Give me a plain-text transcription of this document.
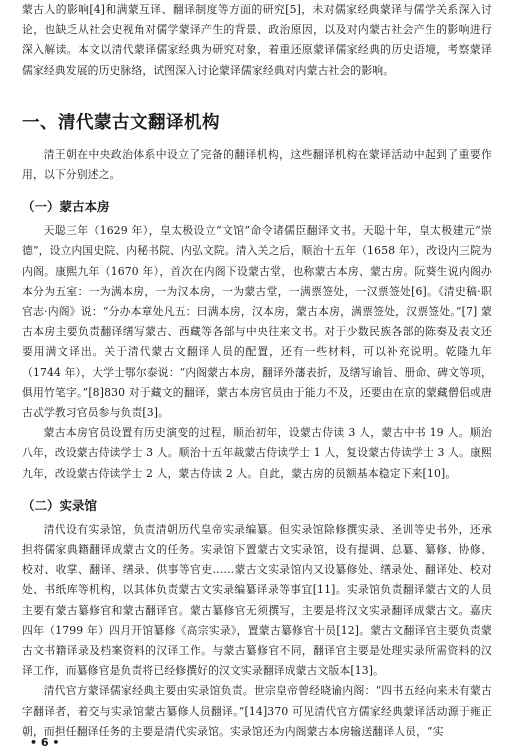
蒙古人的影响[4]和满蒙互译、翻译制度等方面的研究[5]，未对儒家经典蒙译与儒学关系深入讨论，也缺乏从社会史视角对儒学蒙译产生的背景、政治原因，以及对内蒙古社会产生的影响进行深入解读。本文以清代蒙译儒家经典为研究对象，着重还原蒙译儒家经典的历史语境，考察蒙译儒家经典发展的历史脉络，试图深入讨论蒙译儒家经典对内蒙古社会的影响。

一、清代蒙古文翻译机构

清王朝在中央政治体系中设立了完备的翻译机构，这些翻译机构在蒙译活动中起到了重要作用，以下分别述之。

（一）蒙古本房

天聪三年（1629 年），皇太极设立“文馆”命令诸儒臣翻译文书。天聪十年，皇太极建元“崇德”，设立内国史院、内秘书院、内弘文院。清入关之后，顺治十五年（1658 年），改设内三院为内阁。康熙九年（1670 年），首次在内阁下设蒙古堂，也称蒙古本房、蒙古房。阮葵生说内阁办本分为五室：一为满本房，一为汉本房，一为蒙古堂，一满票签处，一汉票签处[6]。《清史稿·职官志·内阁》说：“分办本章处凡五：曰满本房，汉本房，蒙古本房，满票签处，汉票签处。”[7] 蒙古本房主要负责翻译缮写蒙古、西藏等各部与中央往来文书。对于少数民族各部的陈奏及表文还要用满文译出。关于清代蒙古文翻译人员的配置，还有一些材料，可以补充说明。乾隆九年（1744 年），大学士鄂尔泰说：“内阁蒙古本房，翻译外藩表折，及缮写谕旨、册命、碑文等项，俱用竹笔字。”[8]830 对于藏文的翻译，蒙古本房官员由于能力不及，还要由在京的蒙藏僧侣或唐古忒学教习官员参与负责[3]。

蒙古本房官员设置有历史演变的过程，顺治初年，设蒙古侍读 3 人，蒙古中书 19 人。顺治八年，改设蒙古侍读学士 3 人。顺治十五年裁蒙古侍读学士 1 人，复设蒙古侍读学士 3 人。康熙九年，改设蒙古侍读学士 2 人，蒙古侍读 2 人。自此，蒙古房的员额基本稳定下来[10]。

（二）实录馆

清代设有实录馆，负责清朝历代皇帝实录编纂。但实录馆除修撰实录、圣训等史书外，还承担将儒家典籍翻译成蒙古文的任务。实录馆下置蒙古文实录馆，设有提调、总纂、纂修、协修、校对、收掌、翻译、缮录、供事等官吏……蒙古文实录馆内又设纂修处、缮录处、翻译处、校对处、书纸库等机构，以其体负责蒙古文实录编纂译录等事宜[11]。实录馆负责翻译蒙古文的人员主要有蒙古纂修官和蒙古翻译官。蒙古纂修官无须撰写，主要是将汉文实录翻译成蒙古文。嘉庆四年（1799 年）四月开馆纂修《高宗实录》，置蒙古纂修官十员[12]。蒙古文翻译官主要负责蒙古文书籍译录及档案资料的汉译工作。与蒙古纂修官不同，翻译官主要是处理实录所需资料的汉译工作，而纂修官是负责将已经修撰好的汉文实录翻译成蒙古文版本[13]。

清代官方蒙译儒家经典主要由实录馆负责。世宗皇帝曾经晓谕内阁：“四书五经向来未有蒙古字翻译者，着交与实录馆蒙古纂修人员翻译。”[14]370 可见清代官方儒家经典蒙译活动源于雍正朝，而担任翻译任务的主要是清代实录馆。实录馆还为内阁蒙古本房输送翻译人员，“实

• 6 •
